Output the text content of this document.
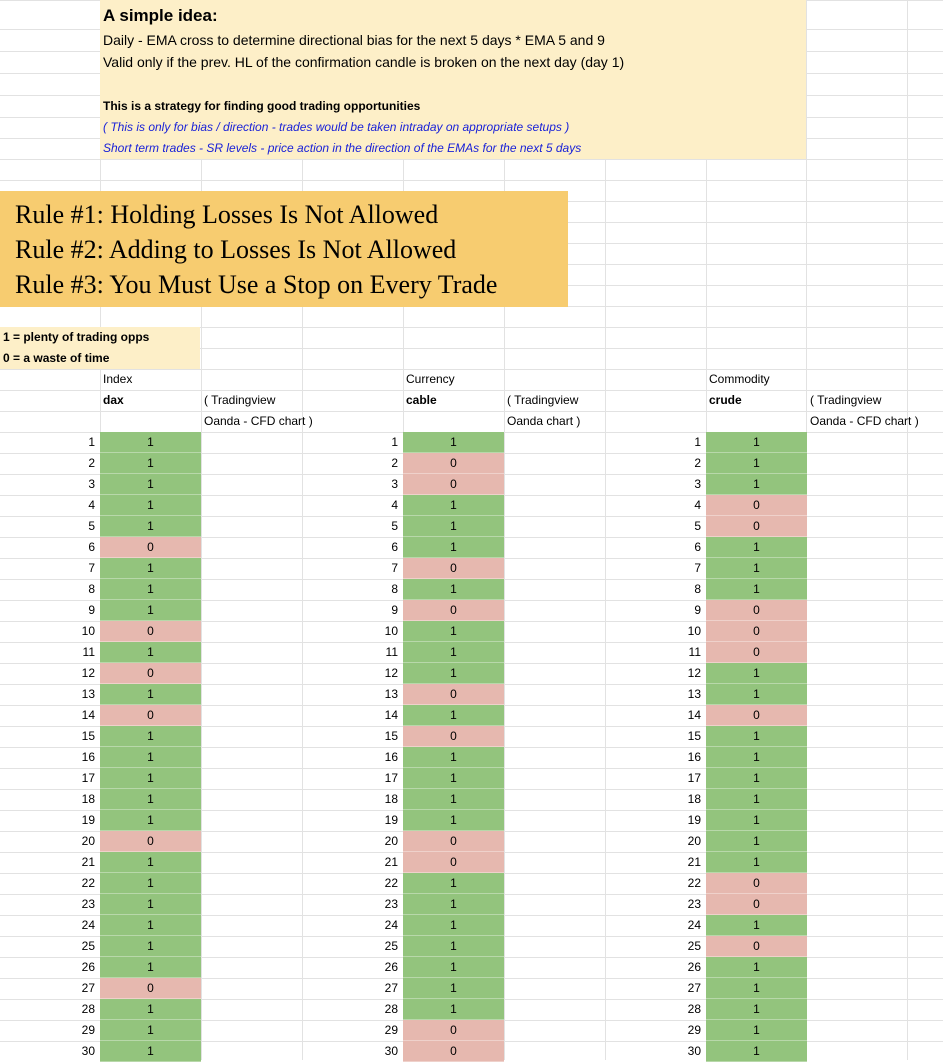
A simple idea:
Daily - EMA cross to determine directional bias for the next 5 days * EMA 5 and 9
Valid only if the prev. HL of the confirmation candle is broken on the next day (day 1)
This is a strategy for finding good trading opportunities
( This is only for bias / direction - trades would be taken intraday on appropriate setups )
Short term trades - SR levels - price action in the direction of the EMAs for the next 5 days
Rule #1: Holding Losses Is Not Allowed
Rule #2: Adding to Losses Is Not Allowed
Rule #3: You Must Use a Stop on Every Trade
1 = plenty of trading opps
0 = a waste of time
Index
dax	( Tradingview
Oanda - CFD chart )
Currency
cable	( Tradingview
Oanda chart )
Commodity
crude	( Tradingview
Oanda - CFD chart )
1	1
2	1
3	1
4	1
5	1
6	0
7	1
8	1
9	1
10	0
11	1
12	0
13	1
14	0
15	1
16	1
17	1
18	1
19	1
20	0
21	1
22	1
23	1
24	1
25	1
26	1
27	0
28	1
29	1
30	1
1	1
2	0
3	0
4	1
5	1
6	1
7	0
8	1
9	0
10	1
11	1
12	1
13	0
14	1
15	0
16	1
17	1
18	1
19	1
20	0
21	0
22	1
23	1
24	1
25	1
26	1
27	1
28	1
29	0
30	0
1	1
2	1
3	1
4	0
5	0
6	1
7	1
8	1
9	0
10	0
11	0
12	1
13	1
14	0
15	1
16	1
17	1
18	1
19	1
20	1
21	1
22	0
23	0
24	1
25	0
26	1
27	1
28	1
29	1
30	1
